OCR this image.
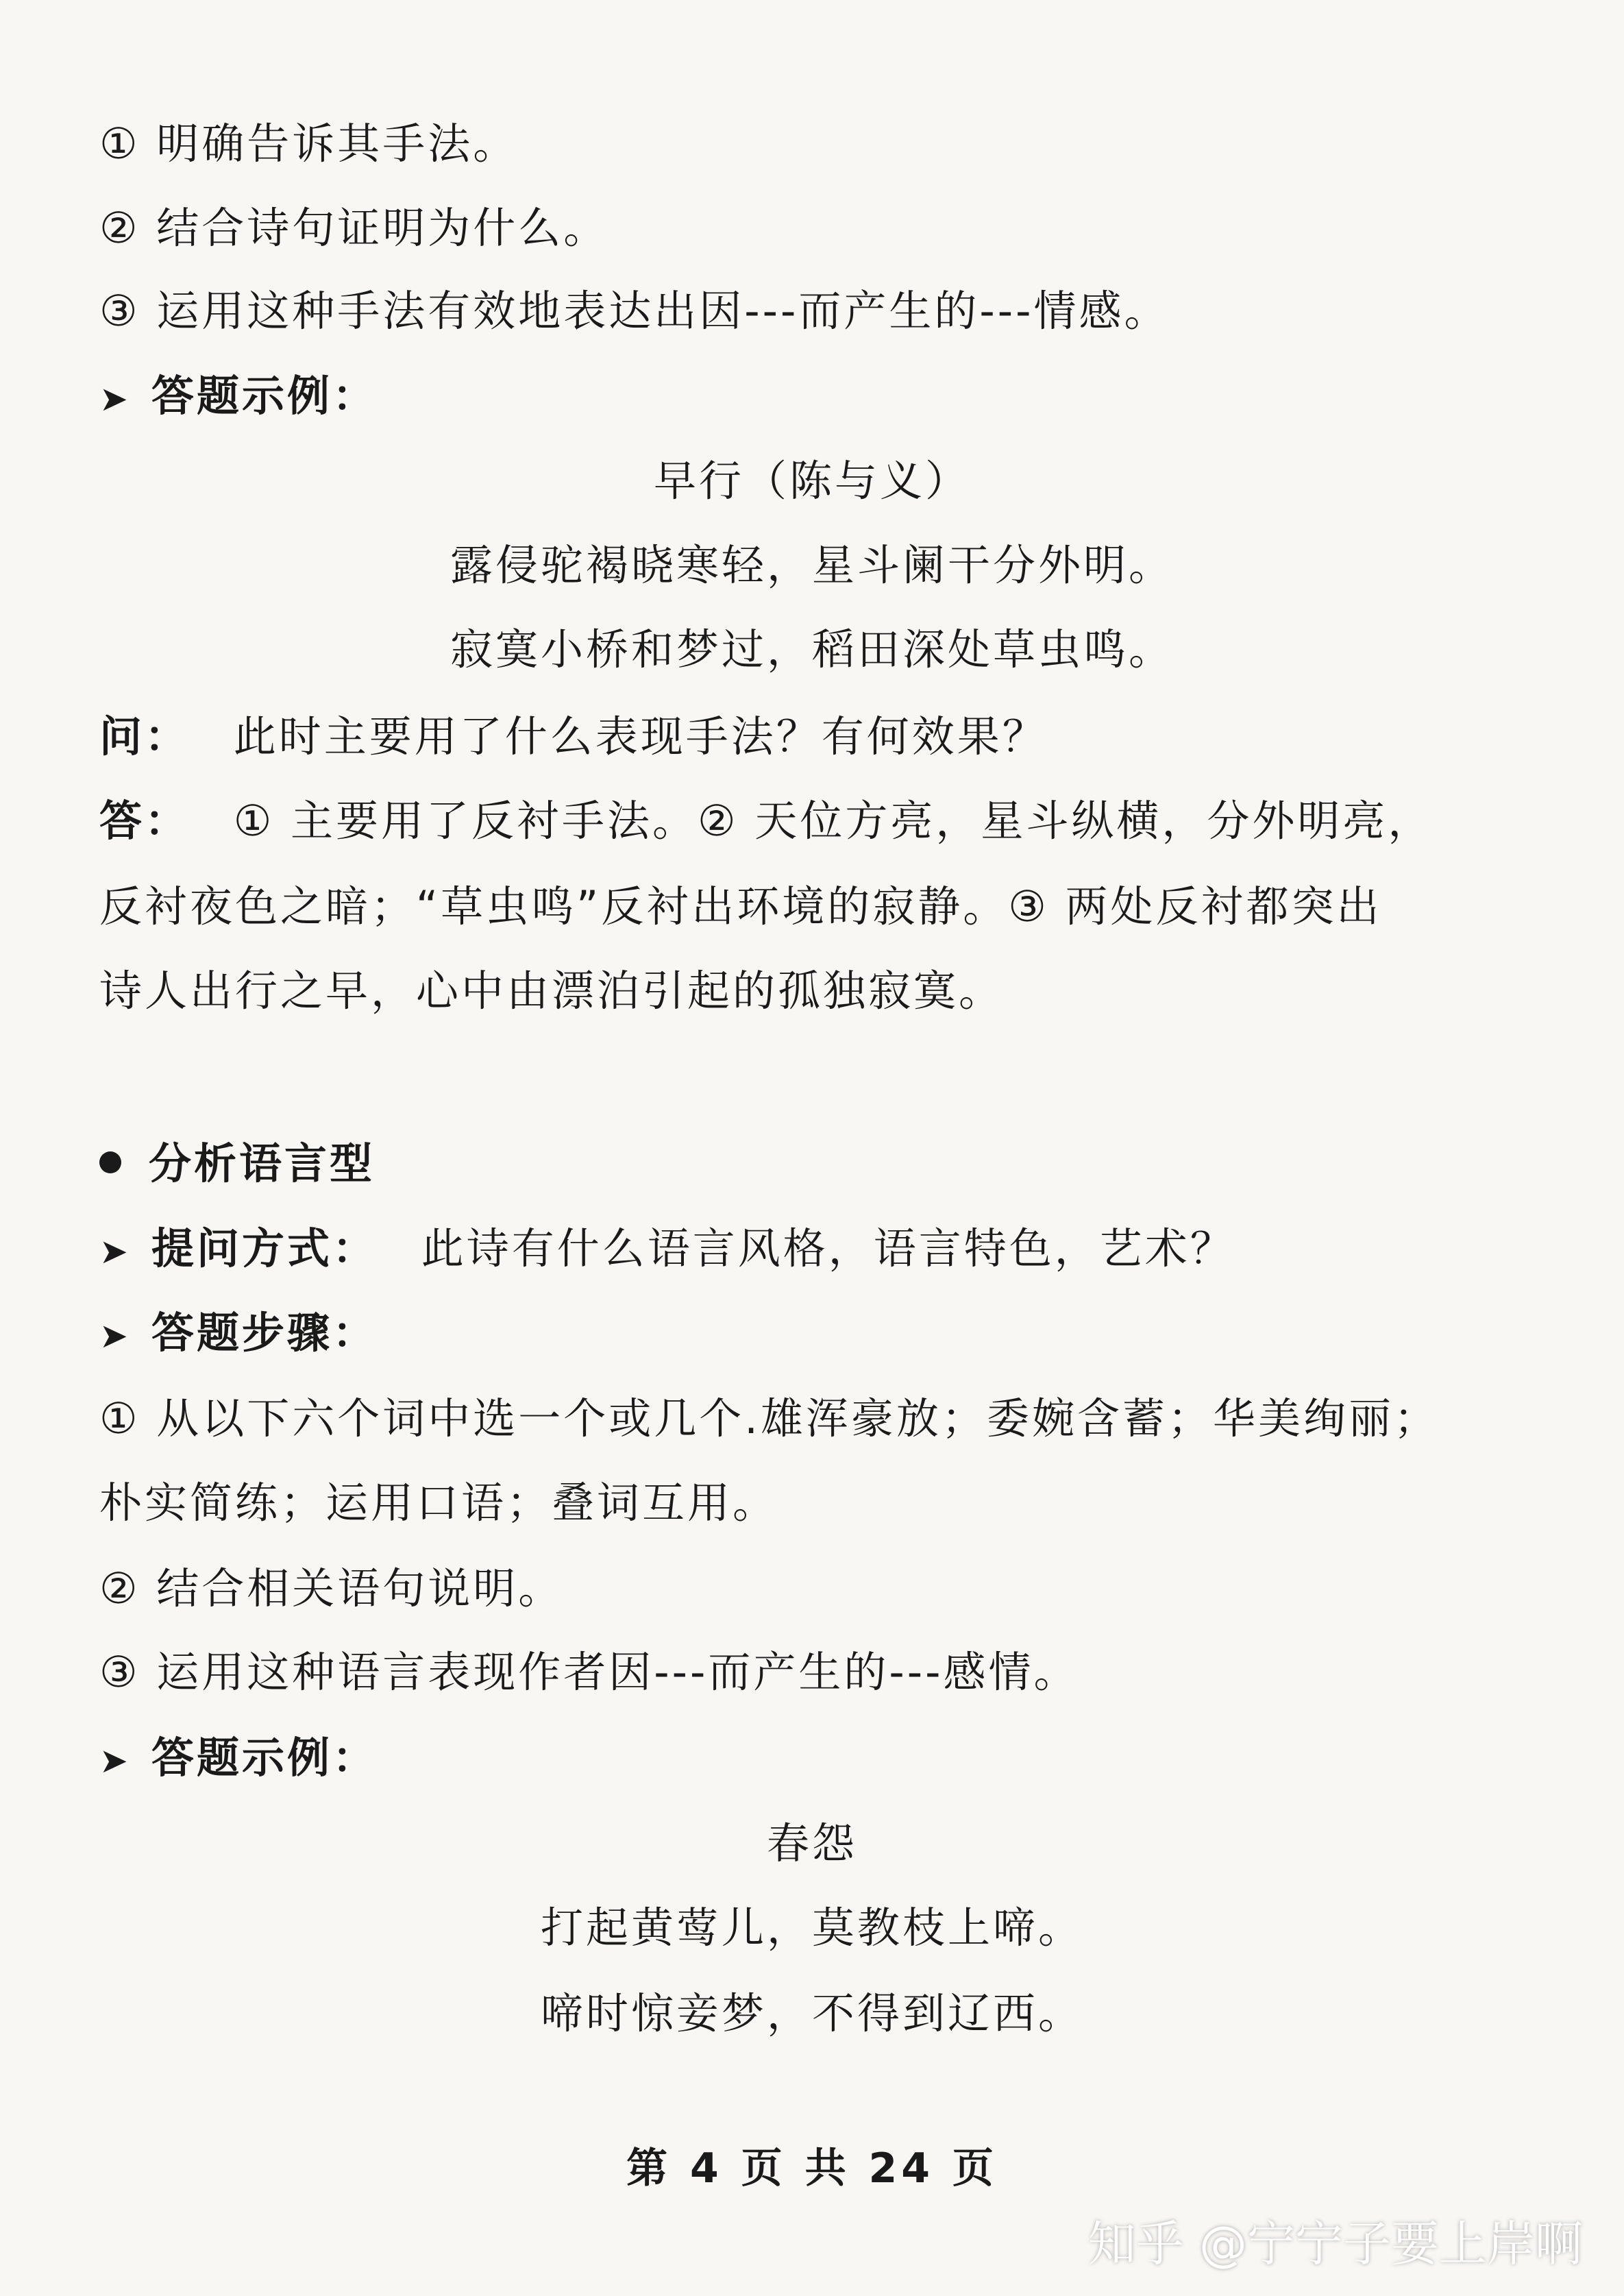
① 明确告诉其手法。
② 结合诗句证明为什么。
③ 运用这种手法有效地表达出因---而产生的---情感。
➤ 答题示例：
早行（陈与义）
露侵驼褐晓寒轻，星斗阑干分外明。
寂寞小桥和梦过，稻田深处草虫鸣。
问： 此时主要用了什么表现手法？有何效果？
答： ① 主要用了反衬手法。② 天位方亮，星斗纵横，分外明亮，
反衬夜色之暗；“草虫鸣”反衬出环境的寂静。③ 两处反衬都突出
诗人出行之早，心中由漂泊引起的孤独寂寞。
分析语言型
➤ 提问方式： 此诗有什么语言风格，语言特色，艺术？
➤ 答题步骤：
① 从以下六个词中选一个或几个.雄浑豪放；委婉含蓄；华美绚丽；
朴实简练；运用口语；叠词互用。
② 结合相关语句说明。
③ 运用这种语言表现作者因---而产生的---感情。
➤ 答题示例：
春怨
打起黄莺儿，莫教枝上啼。
啼时惊妾梦，不得到辽西。
第 4 页 共 24 页
知乎 @宁宁子要上岸啊
